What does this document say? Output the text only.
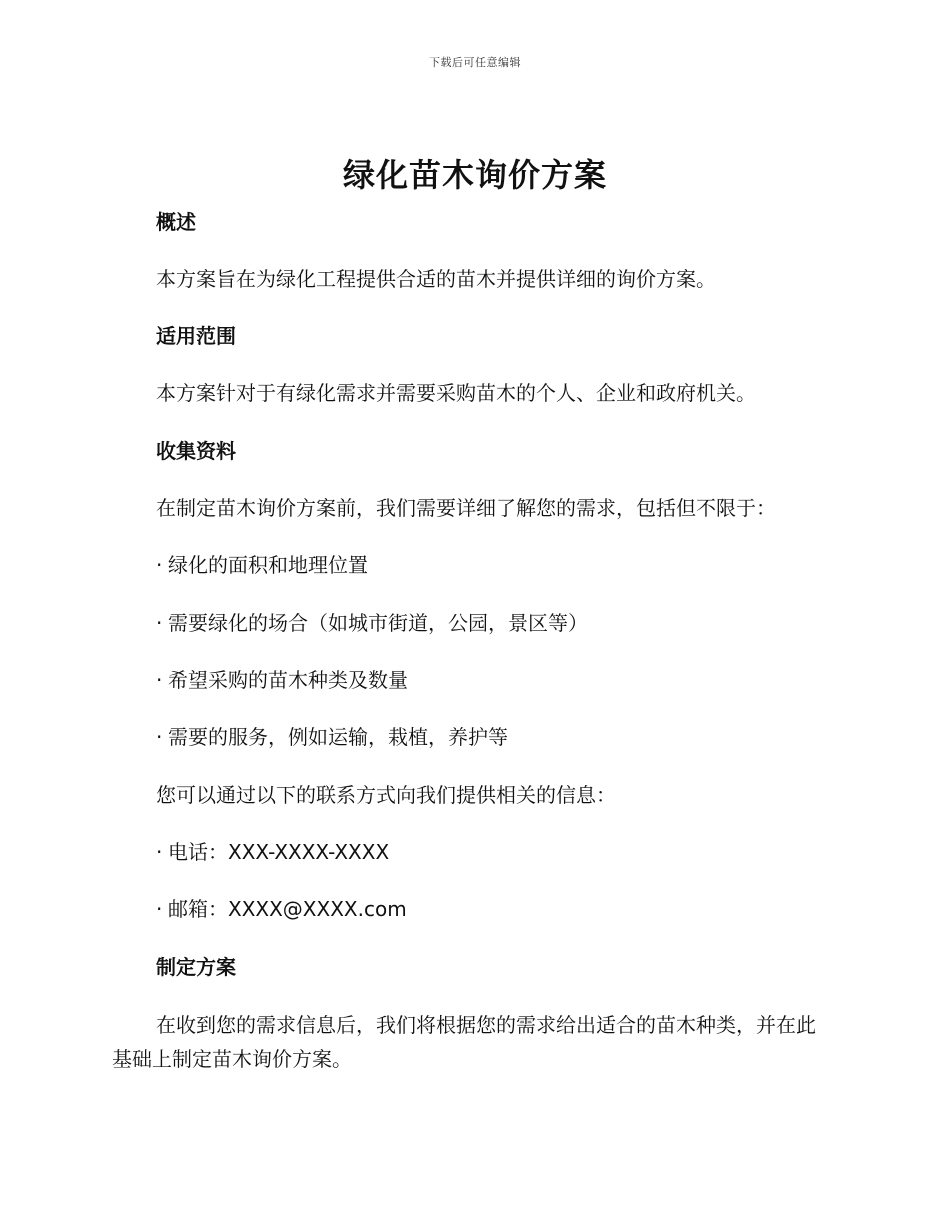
下载后可任意编辑
绿化苗木询价方案

概述

本方案旨在为绿化工程提供合适的苗木并提供详细的询价方案。

适用范围

本方案针对于有绿化需求并需要采购苗木的个人、企业和政府机关。

收集资料

在制定苗木询价方案前，我们需要详细了解您的需求，包括但不限于：

· 绿化的面积和地理位置

· 需要绿化的场合（如城市街道，公园，景区等）

· 希望采购的苗木种类及数量

· 需要的服务，例如运输，栽植，养护等

您可以通过以下的联系方式向我们提供相关的信息：

· 电话：XXX-XXXX-XXXX

· 邮箱：XXXX@XXXX.com

制定方案

在收到您的需求信息后，我们将根据您的需求给出适合的苗木种类，并在此基础上制定苗木询价方案。
